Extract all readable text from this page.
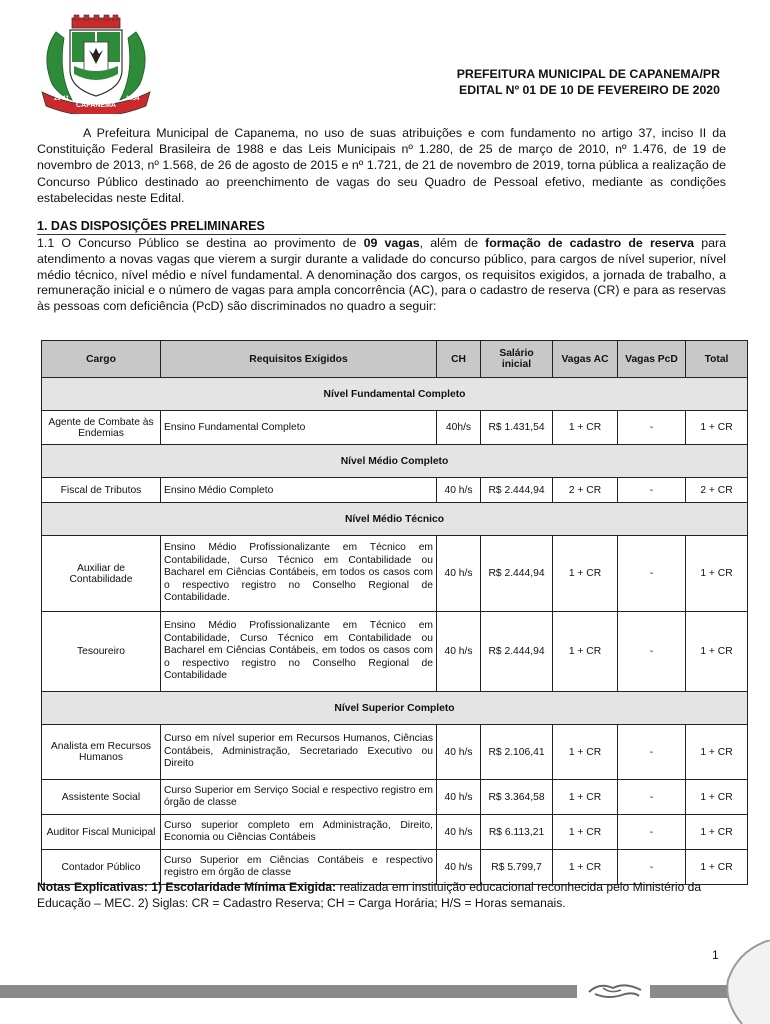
CAPANEMA
20-11	1954
PREFEITURA MUNICIPAL DE CAPANEMA/PR
EDITAL Nº 01 DE 10 DE FEVEREIRO DE 2020
A Prefeitura Municipal de Capanema, no uso de suas atribuições e com fundamento no artigo 37, inciso II da Constituição Federal Brasileira de 1988 e das Leis Municipais nº 1.280, de 25 de março de 2010, nº 1.476, de 19 de novembro de 2013, nº 1.568, de 26 de agosto de 2015 e nº 1.721, de 21 de novembro de 2019, torna pública a realização de Concurso Público destinado ao preenchimento de vagas do seu Quadro de Pessoal efetivo, mediante as condições estabelecidas neste Edital.
1. DAS DISPOSIÇÕES PRELIMINARES
1.1 O Concurso Público se destina ao provimento de 09 vagas, além de formação de cadastro de reserva para atendimento a novas vagas que vierem a surgir durante a validade do concurso público, para cargos de nível superior, nível médio técnico, nível médio e nível fundamental. A denominação dos cargos, os requisitos exigidos, a jornada de trabalho, a remuneração inicial e o número de vagas para ampla concorrência (AC), para o cadastro de reserva (CR) e para as reservas às pessoas com deficiência (PcD) são discriminados no quadro a seguir:
Cargo	Requisitos Exigidos	CH	Salário inicial	Vagas AC	Vagas PcD	Total
Nível Fundamental Completo						
Agente de Combate às Endemias	Ensino Fundamental Completo	40h/s	R$ 1.431,54	1 + CR	-	1 + CR
Nível Médio Completo						
Fiscal de Tributos	Ensino Médio Completo	40 h/s	R$ 2.444,94	2 + CR	-	2 + CR
Nível Médio Técnico						
Auxiliar de Contabilidade	Ensino Médio Profissionalizante em Técnico em Contabilidade, Curso Técnico em Contabilidade ou Bacharel em Ciências Contábeis, em todos os casos com o respectivo registro no Conselho Regional de Contabilidade.	40 h/s	R$ 2.444,94	1 + CR	-	1 + CR
Tesoureiro	Ensino Médio Profissionalizante em Técnico em Contabilidade, Curso Técnico em Contabilidade ou Bacharel em Ciências Contábeis, em todos os casos com o respectivo registro no Conselho Regional de Contabilidade	40 h/s	R$ 2.444,94	1 + CR	-	1 + CR
Nível Superior Completo						
Analista em Recursos Humanos	Curso em nível superior em Recursos Humanos, Ciências Contábeis, Administração, Secretariado Executivo ou Direito	40 h/s	R$ 2.106,41	1 + CR	-	1 + CR
Assistente Social	Curso Superior em Serviço Social e respectivo registro em órgão de classe	40 h/s	R$ 3.364,58	1 + CR	-	1 + CR
Auditor Fiscal Municipal	Curso superior completo em Administração, Direito, Economia ou Ciências Contábeis	40 h/s	R$ 6.113,21	1 + CR	-	1 + CR
Contador Público	Curso Superior em Ciências Contábeis e respectivo registro em órgão de classe	40 h/s	R$ 5.799,7	1 + CR	-	1 + CR
Notas Explicativas: 1) Escolaridade Mínima Exigida: realizada em instituição educacional reconhecida pelo Ministério da Educação – MEC. 2) Siglas: CR = Cadastro Reserva; CH = Carga Horária; H/S = Horas semanais.
1
